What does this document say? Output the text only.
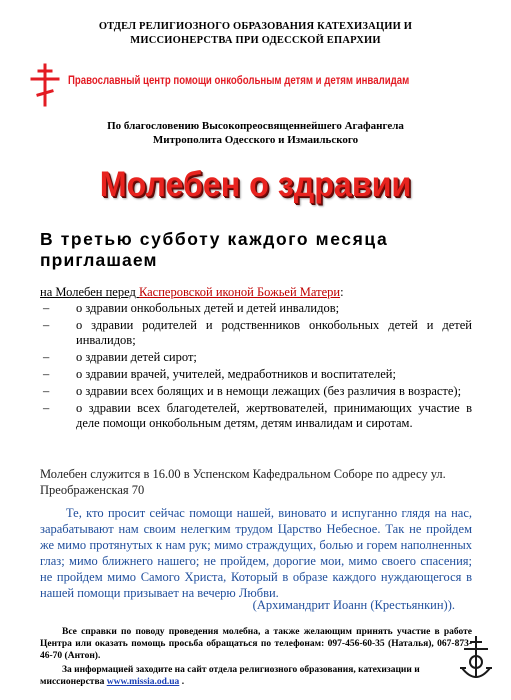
ОТДЕЛ РЕЛИГИОЗНОГО ОБРАЗОВАНИЯ КАТЕХИЗАЦИИ И
МИССИОНЕРСТВА ПРИ ОДЕССКОЙ ЕПАРХИИ
Православный центр помощи онкобольным детям и детям инвалидам
По благословению Высокопреосвященнейшего Агафангела
Митрополита Одесского и Измаильского
Молебен о здравии
В третью субботу каждого месяца
приглашаем
на Молебен перед Касперовской иконой Божьей Матери:
– о здравии онкобольных детей и детей инвалидов;
– о здравии родителей и родственников онкобольных детей и детей инвалидов;
– о здравии детей сирот;
– о здравии врачей, учителей, медработников и воспитателей;
– о здравии всех болящих и в немощи лежащих (без различия в возрасте);
– о здравии всех благодетелей, жертвователей, принимающих участие в деле помощи онкобольным детям, детям инвалидам и сиротам.
Молебен служится в 16.00 в Успенском Кафедральном Соборе по адресу ул. Преображенская 70
Те, кто просит сейчас помощи нашей, виновато и испуганно глядя на нас, зарабатывают нам своим нелегким трудом Царство Небесное. Так не пройдем же мимо протянутых к нам рук; мимо страждущих, болью и горем наполненных глаз; мимо ближнего нашего; не пройдем, дорогие мои, мимо своего спасения; не пройдем мимо Самого Христа, Который в образе каждого нуждающегося в нашей помощи призывает на вечерю Любви.
(Архимандрит Иоанн (Крестьянкин)).
Все справки по поводу проведения молебна, а также желающим принять участие в работе Центра или оказать помощь просьба обращаться по телефонам: 097-456-60-35 (Наталья), 067-873-46-70 (Антон).
За информацией заходите на сайт отдела религиозного образования, катехизации и миссионерства www.missia.od.ua .
